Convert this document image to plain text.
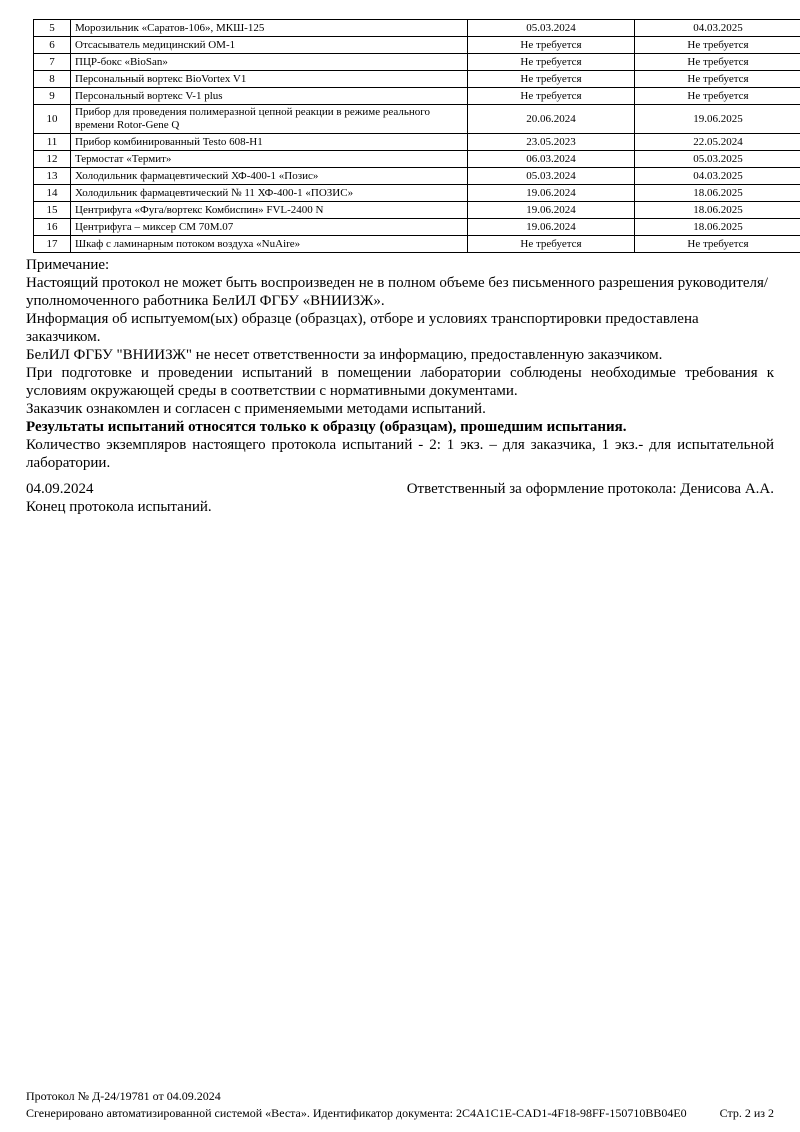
5	Морозильник «Саратов-106», МКШ-125	05.03.2024	04.03.2025
6	Отсасыватель медицинский ОМ-1	Не требуется	Не требуется
7	ПЦР-бокс «BioSan»	Не требуется	Не требуется
8	Персональный вортекс BioVortex V1	Не требуется	Не требуется
9	Персональный вортекс V-1 plus	Не требуется	Не требуется
10	Прибор для проведения полимеразной цепной реакции в режиме реального времени Rotor-Gene Q	20.06.2024	19.06.2025
11	Прибор комбинированный Testo 608-H1	23.05.2023	22.05.2024
12	Термостат «Термит»	06.03.2024	05.03.2025
13	Холодильник фармацевтический ХФ-400-1 «Позис»	05.03.2024	04.03.2025
14	Холодильник фармацевтический № 11 ХФ-400-1 «ПОЗИС»	19.06.2024	18.06.2025
15	Центрифуга «Фуга/вортекс Комбиспин» FVL-2400 N	19.06.2024	18.06.2025
16	Центрифуга – миксер СМ 70М.07	19.06.2024	18.06.2025
17	Шкаф с ламинарным потоком воздуха «NuAire»	Не требуется	Не требуется
Примечание:
Настоящий протокол не может быть воспроизведен не в полном объеме без письменного разрешения руководителя/уполномоченного работника БелИЛ ФГБУ «ВНИИЗЖ».
Информация об испытуемом(ых) образце (образцах), отборе и условиях транспортировки предоставлена заказчиком.
БелИЛ ФГБУ "ВНИИЗЖ" не несет ответственности за информацию, предоставленную заказчиком.
При подготовке и проведении испытаний в помещении лаборатории соблюдены необходимые требования к условиям окружающей среды в соответствии с нормативными документами.
Заказчик ознакомлен и согласен с применяемыми методами испытаний.
Результаты испытаний относятся только к образцу (образцам), прошедшим испытания.
Количество экземпляров настоящего протокола испытаний - 2: 1 экз. – для заказчика, 1 экз.- для испытательной лаборатории.
04.09.2024	Ответственный за оформление протокола: Денисова А.А.
Конец протокола испытаний.
Протокол № Д-24/19781 от 04.09.2024
Сгенерировано автоматизированной системой «Веста». Идентификатор документа: 2C4A1C1E-CAD1-4F18-98FF-150710BB04E0	Стр. 2 из 2
